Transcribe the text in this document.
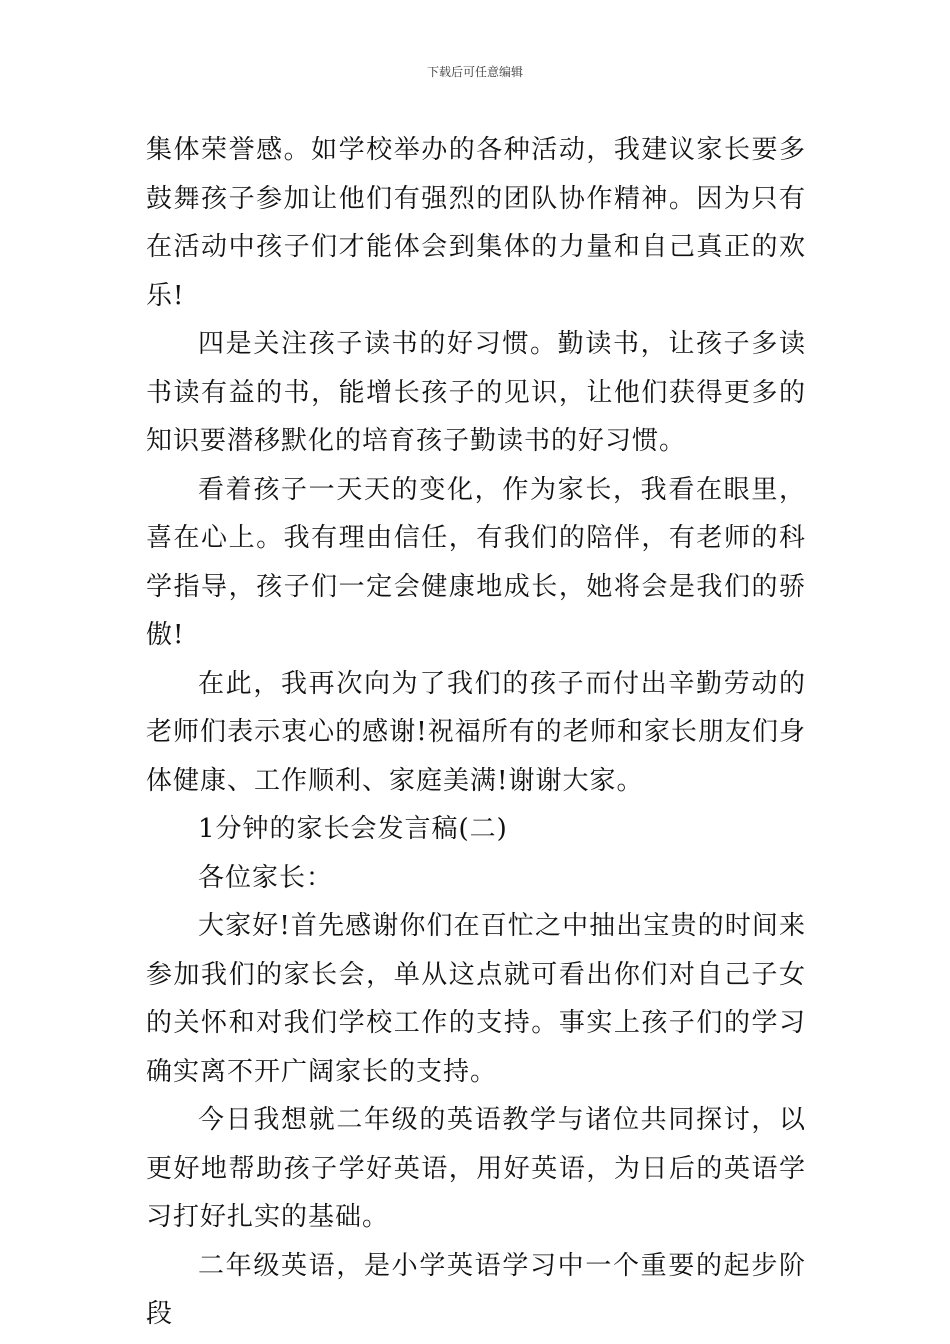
下载后可任意编辑

集体荣誉感。如学校举办的各种活动，我建议家长要多鼓舞孩子参加让他们有强烈的团队协作精神。因为只有在活动中孩子们才能体会到集体的力量和自己真正的欢乐!

四是关注孩子读书的好习惯。勤读书，让孩子多读书读有益的书，能增长孩子的见识，让他们获得更多的知识要潜移默化的培育孩子勤读书的好习惯。

看着孩子一天天的变化，作为家长，我看在眼里，喜在心上。我有理由信任，有我们的陪伴，有老师的科学指导，孩子们一定会健康地成长，她将会是我们的骄傲!

在此，我再次向为了我们的孩子而付出辛勤劳动的老师们表示衷心的感谢!祝福所有的老师和家长朋友们身体健康、工作顺利、家庭美满!谢谢大家。

1分钟的家长会发言稿(二)

各位家长：

大家好!首先感谢你们在百忙之中抽出宝贵的时间来参加我们的家长会，单从这点就可看出你们对自己子女的关怀和对我们学校工作的支持。事实上孩子们的学习确实离不开广阔家长的支持。

今日我想就二年级的英语教学与诸位共同探讨，以更好地帮助孩子学好英语，用好英语，为日后的英语学习打好扎实的基础。

二年级英语，是小学英语学习中一个重要的起步阶段
